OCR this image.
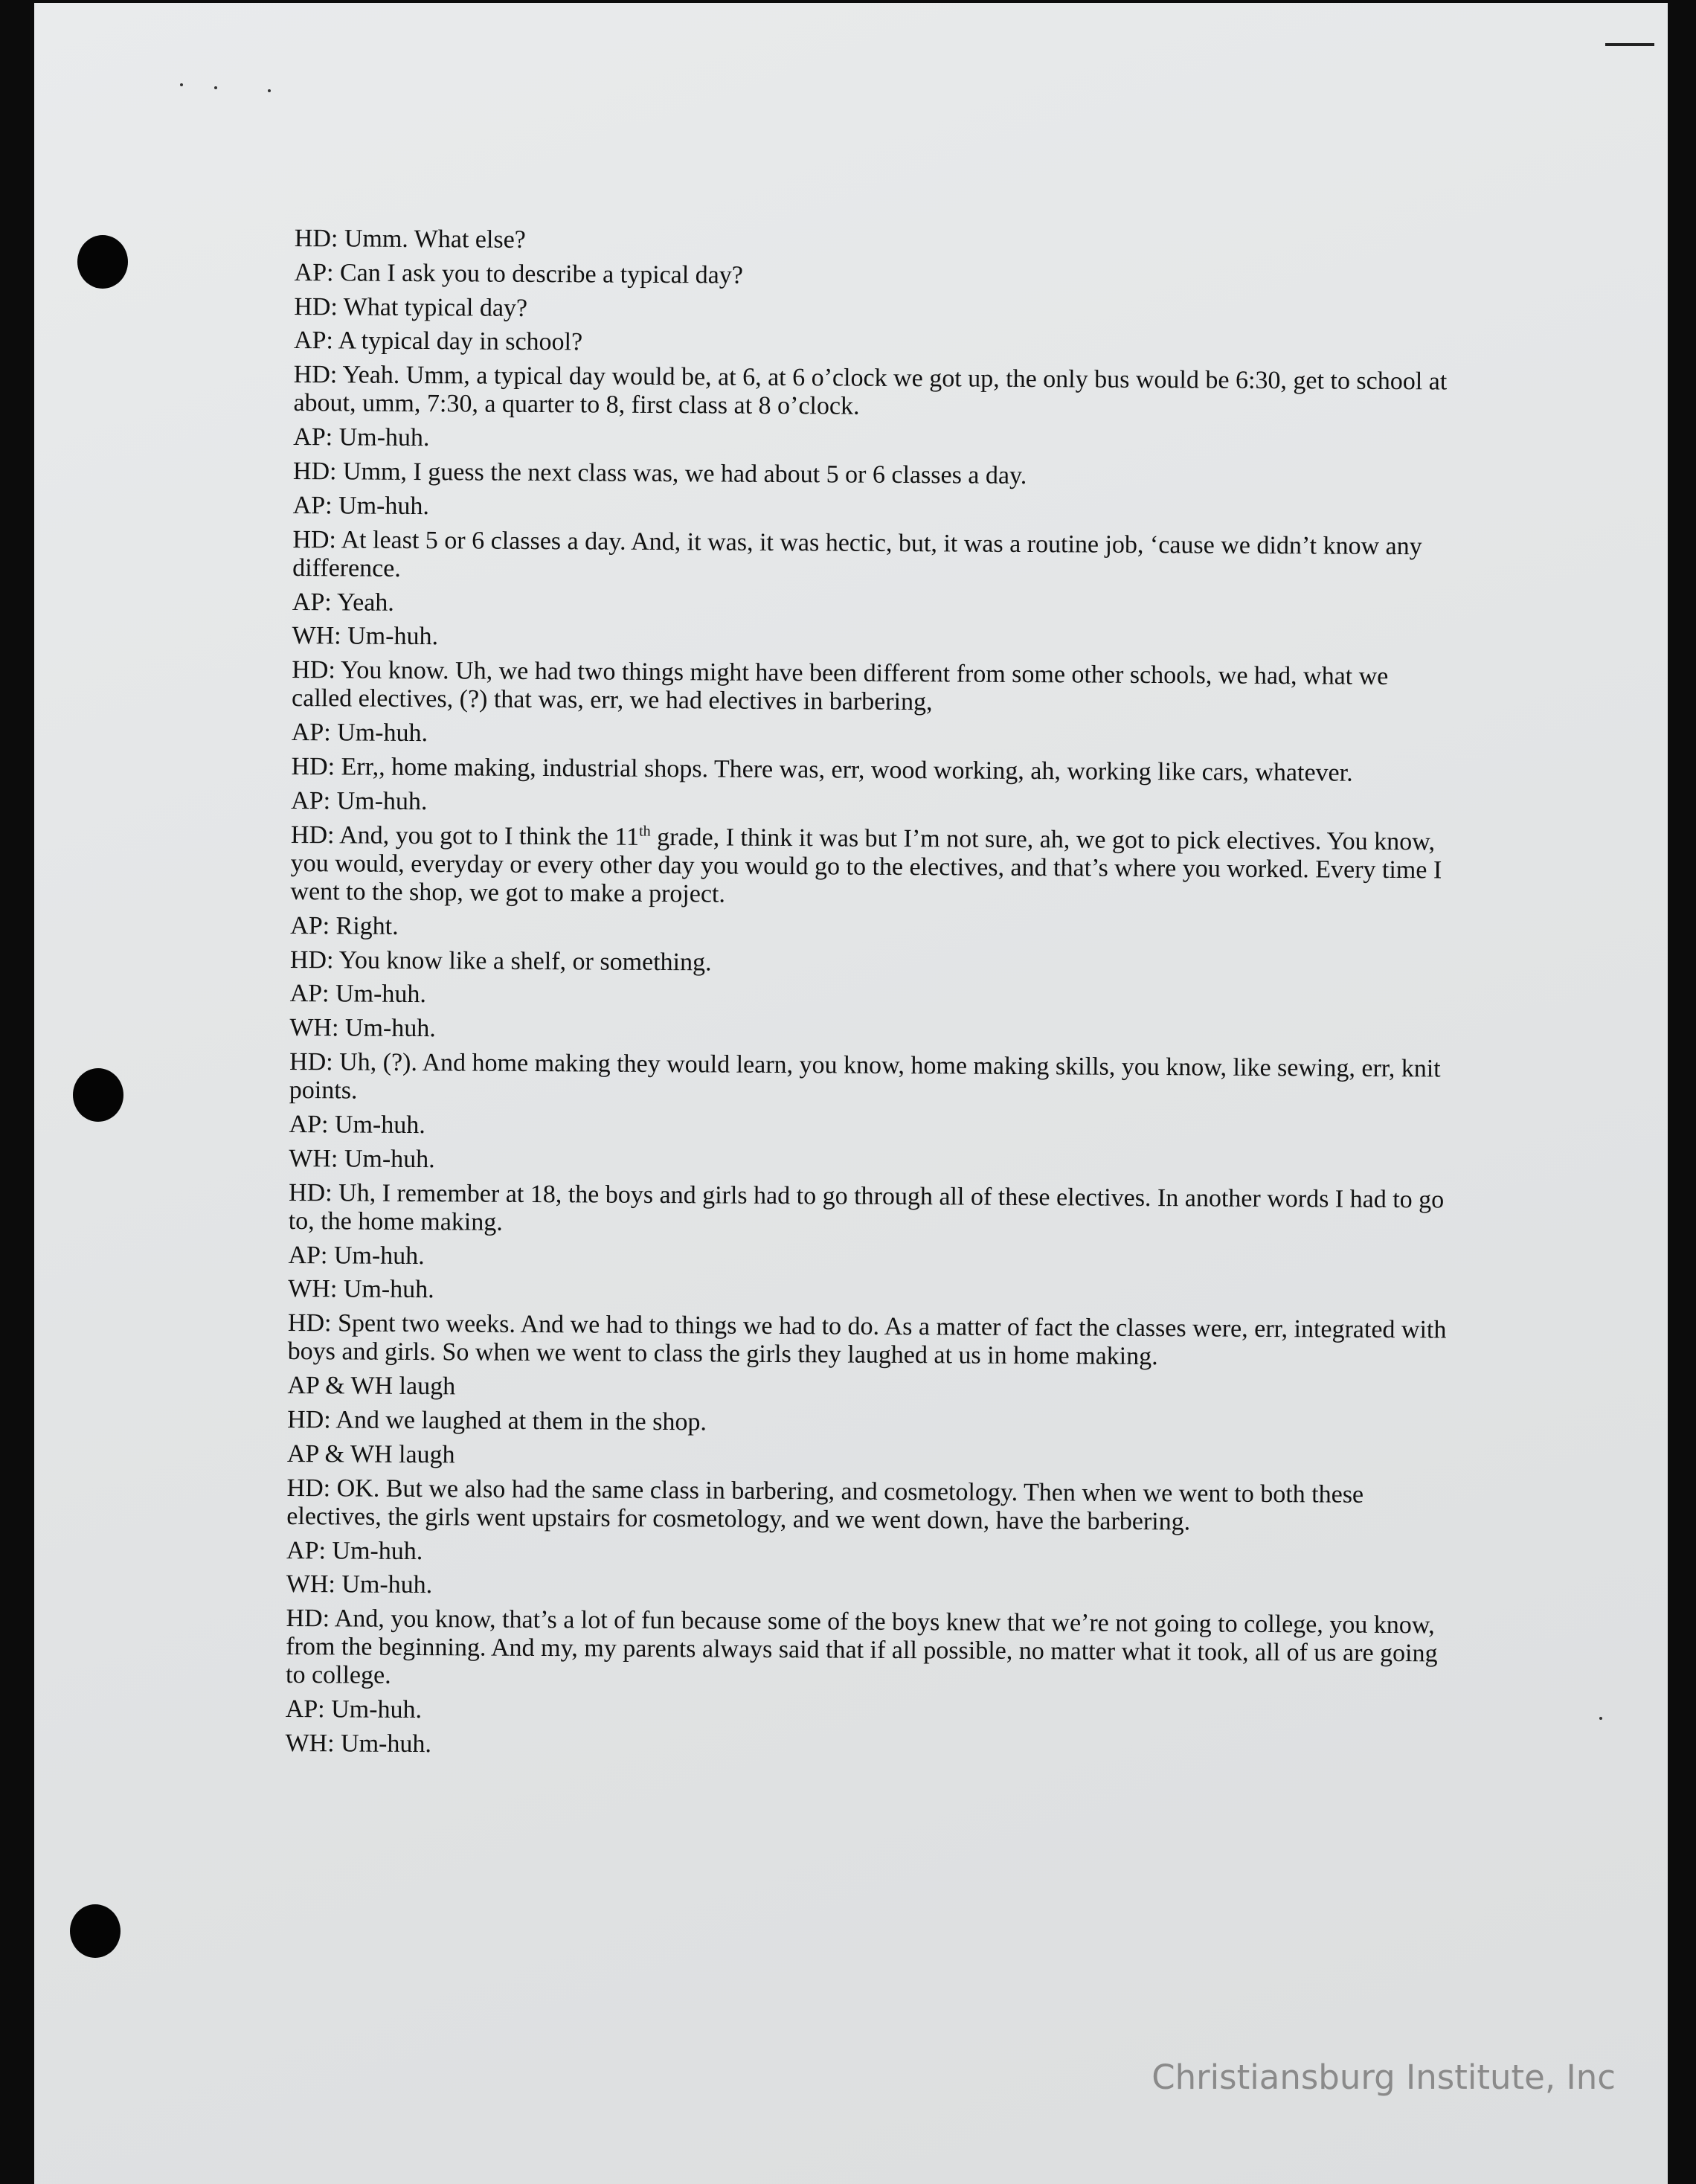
HD: Umm. What else?
AP: Can I ask you to describe a typical day?
HD: What typical day?
AP: A typical day in school?
HD: Yeah. Umm, a typical day would be, at 6, at 6 o’clock we got up, the only bus would be 6:30, get to school at about, umm, 7:30, a quarter to 8, first class at 8 o’clock.
AP: Um-huh.
HD: Umm, I guess the next class was, we had about 5 or 6 classes a day.
AP: Um-huh.
HD: At least 5 or 6 classes a day. And, it was, it was hectic, but, it was a routine job, ‘cause we didn’t know any difference.
AP: Yeah.
WH: Um-huh.
HD: You know. Uh, we had two things might have been different from some other schools, we had, what we called electives, (?) that was, err, we had electives in barbering,
AP: Um-huh.
HD: Err,, home making, industrial shops. There was, err, wood working, ah, working like cars, whatever.
AP: Um-huh.
HD: And, you got to I think the 11th grade, I think it was but I’m not sure, ah, we got to pick electives. You know, you would, everyday or every other day you would go to the electives, and that’s where you worked. Every time I went to the shop, we got to make a project.
AP: Right.
HD: You know like a shelf, or something.
AP: Um-huh.
WH: Um-huh.
HD: Uh, (?). And home making they would learn, you know, home making skills, you know, like sewing, err, knit points.
AP: Um-huh.
WH: Um-huh.
HD: Uh, I remember at 18, the boys and girls had to go through all of these electives. In another words I had to go to, the home making.
AP: Um-huh.
WH: Um-huh.
HD: Spent two weeks. And we had to things we had to do. As a matter of fact the classes were, err, integrated with boys and girls. So when we went to class the girls they laughed at us in home making.
AP & WH laugh
HD: And we laughed at them in the shop.
AP & WH laugh
HD: OK. But we also had the same class in barbering, and cosmetology. Then when we went to both these electives, the girls went upstairs for cosmetology, and we went down, have the barbering.
AP: Um-huh.
WH: Um-huh.
HD: And, you know, that’s a lot of fun because some of the boys knew that we’re not going to college, you know, from the beginning. And my, my parents always said that if all possible, no matter what it took, all of us are going to college.
AP: Um-huh.
WH: Um-huh.
Christiansburg Institute, Inc
